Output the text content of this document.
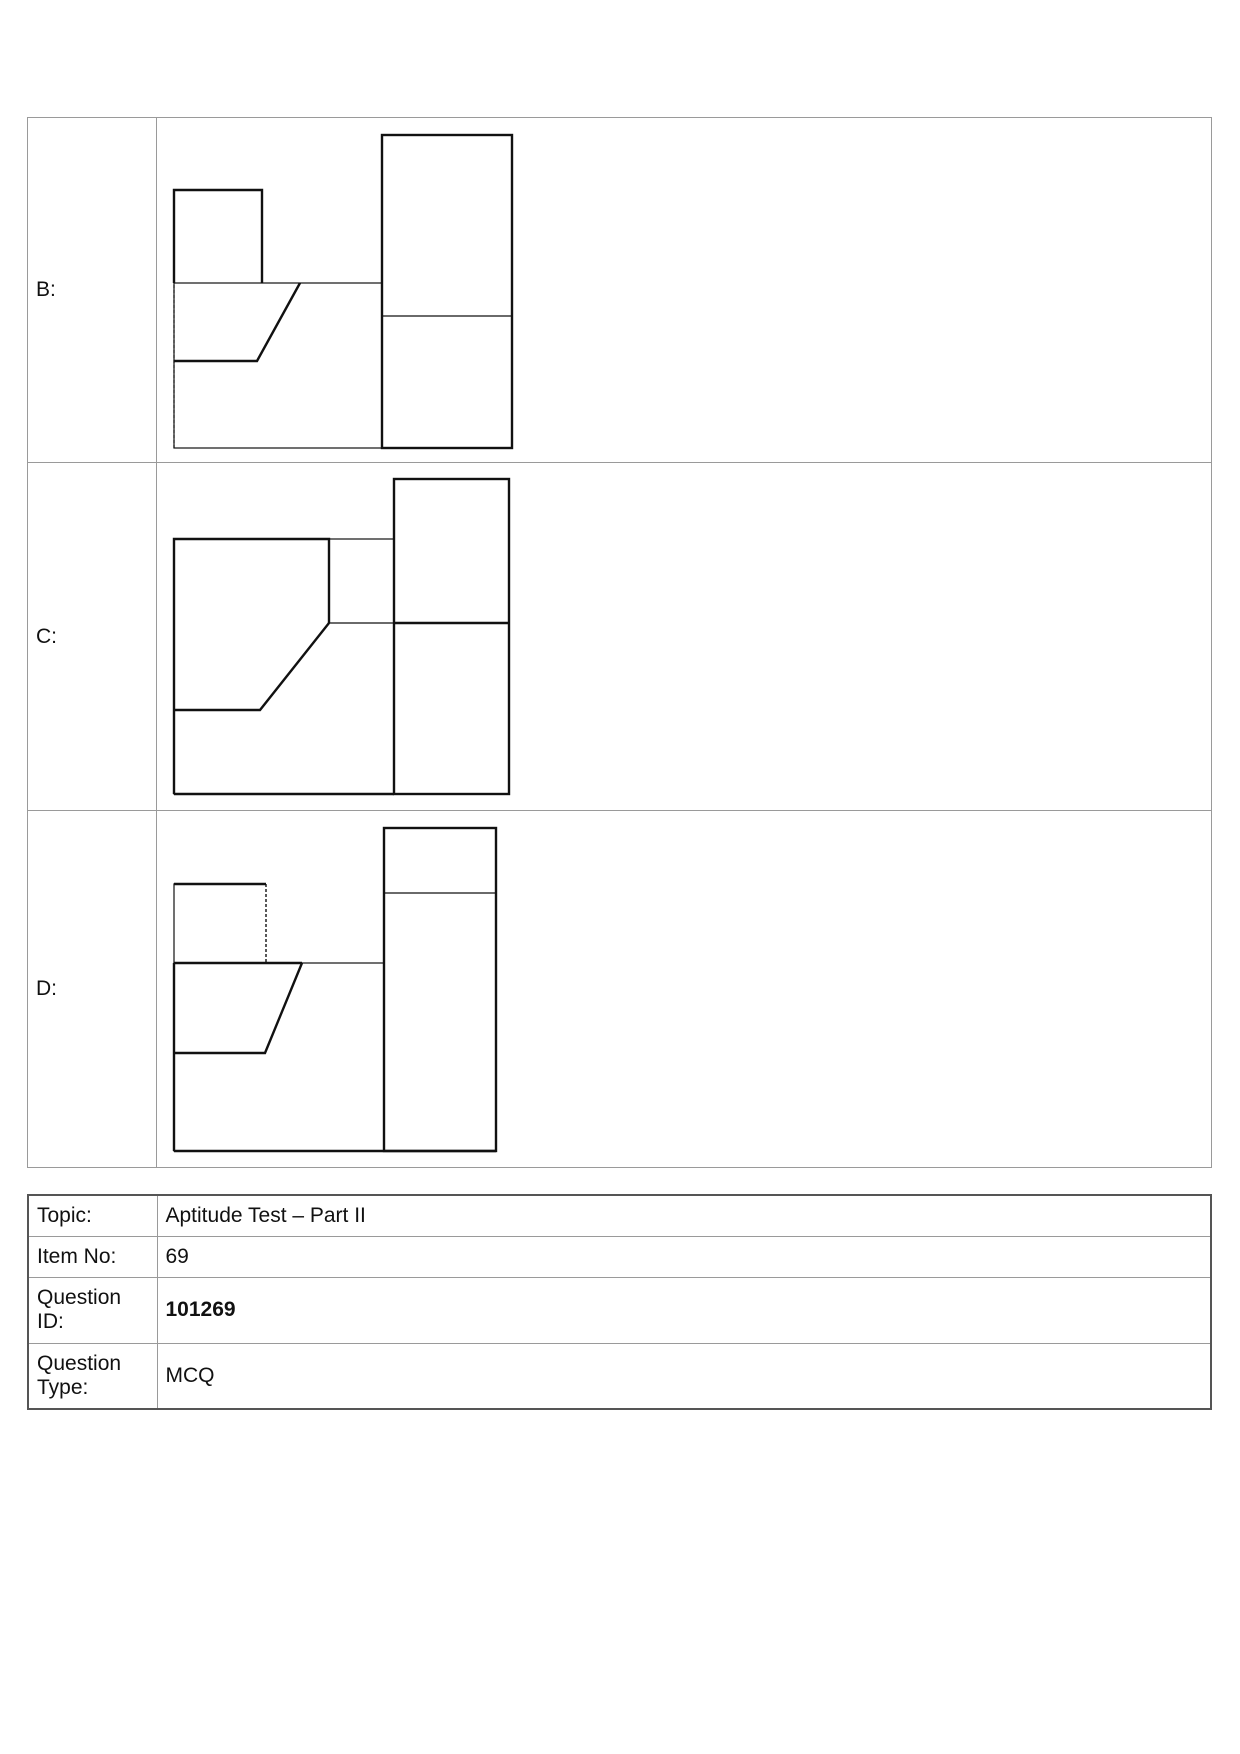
B:	

C:	

D:	
Topic:	Aptitude Test – Part II
Item No:	69
Question ID:	101269
Question Type:	MCQ
